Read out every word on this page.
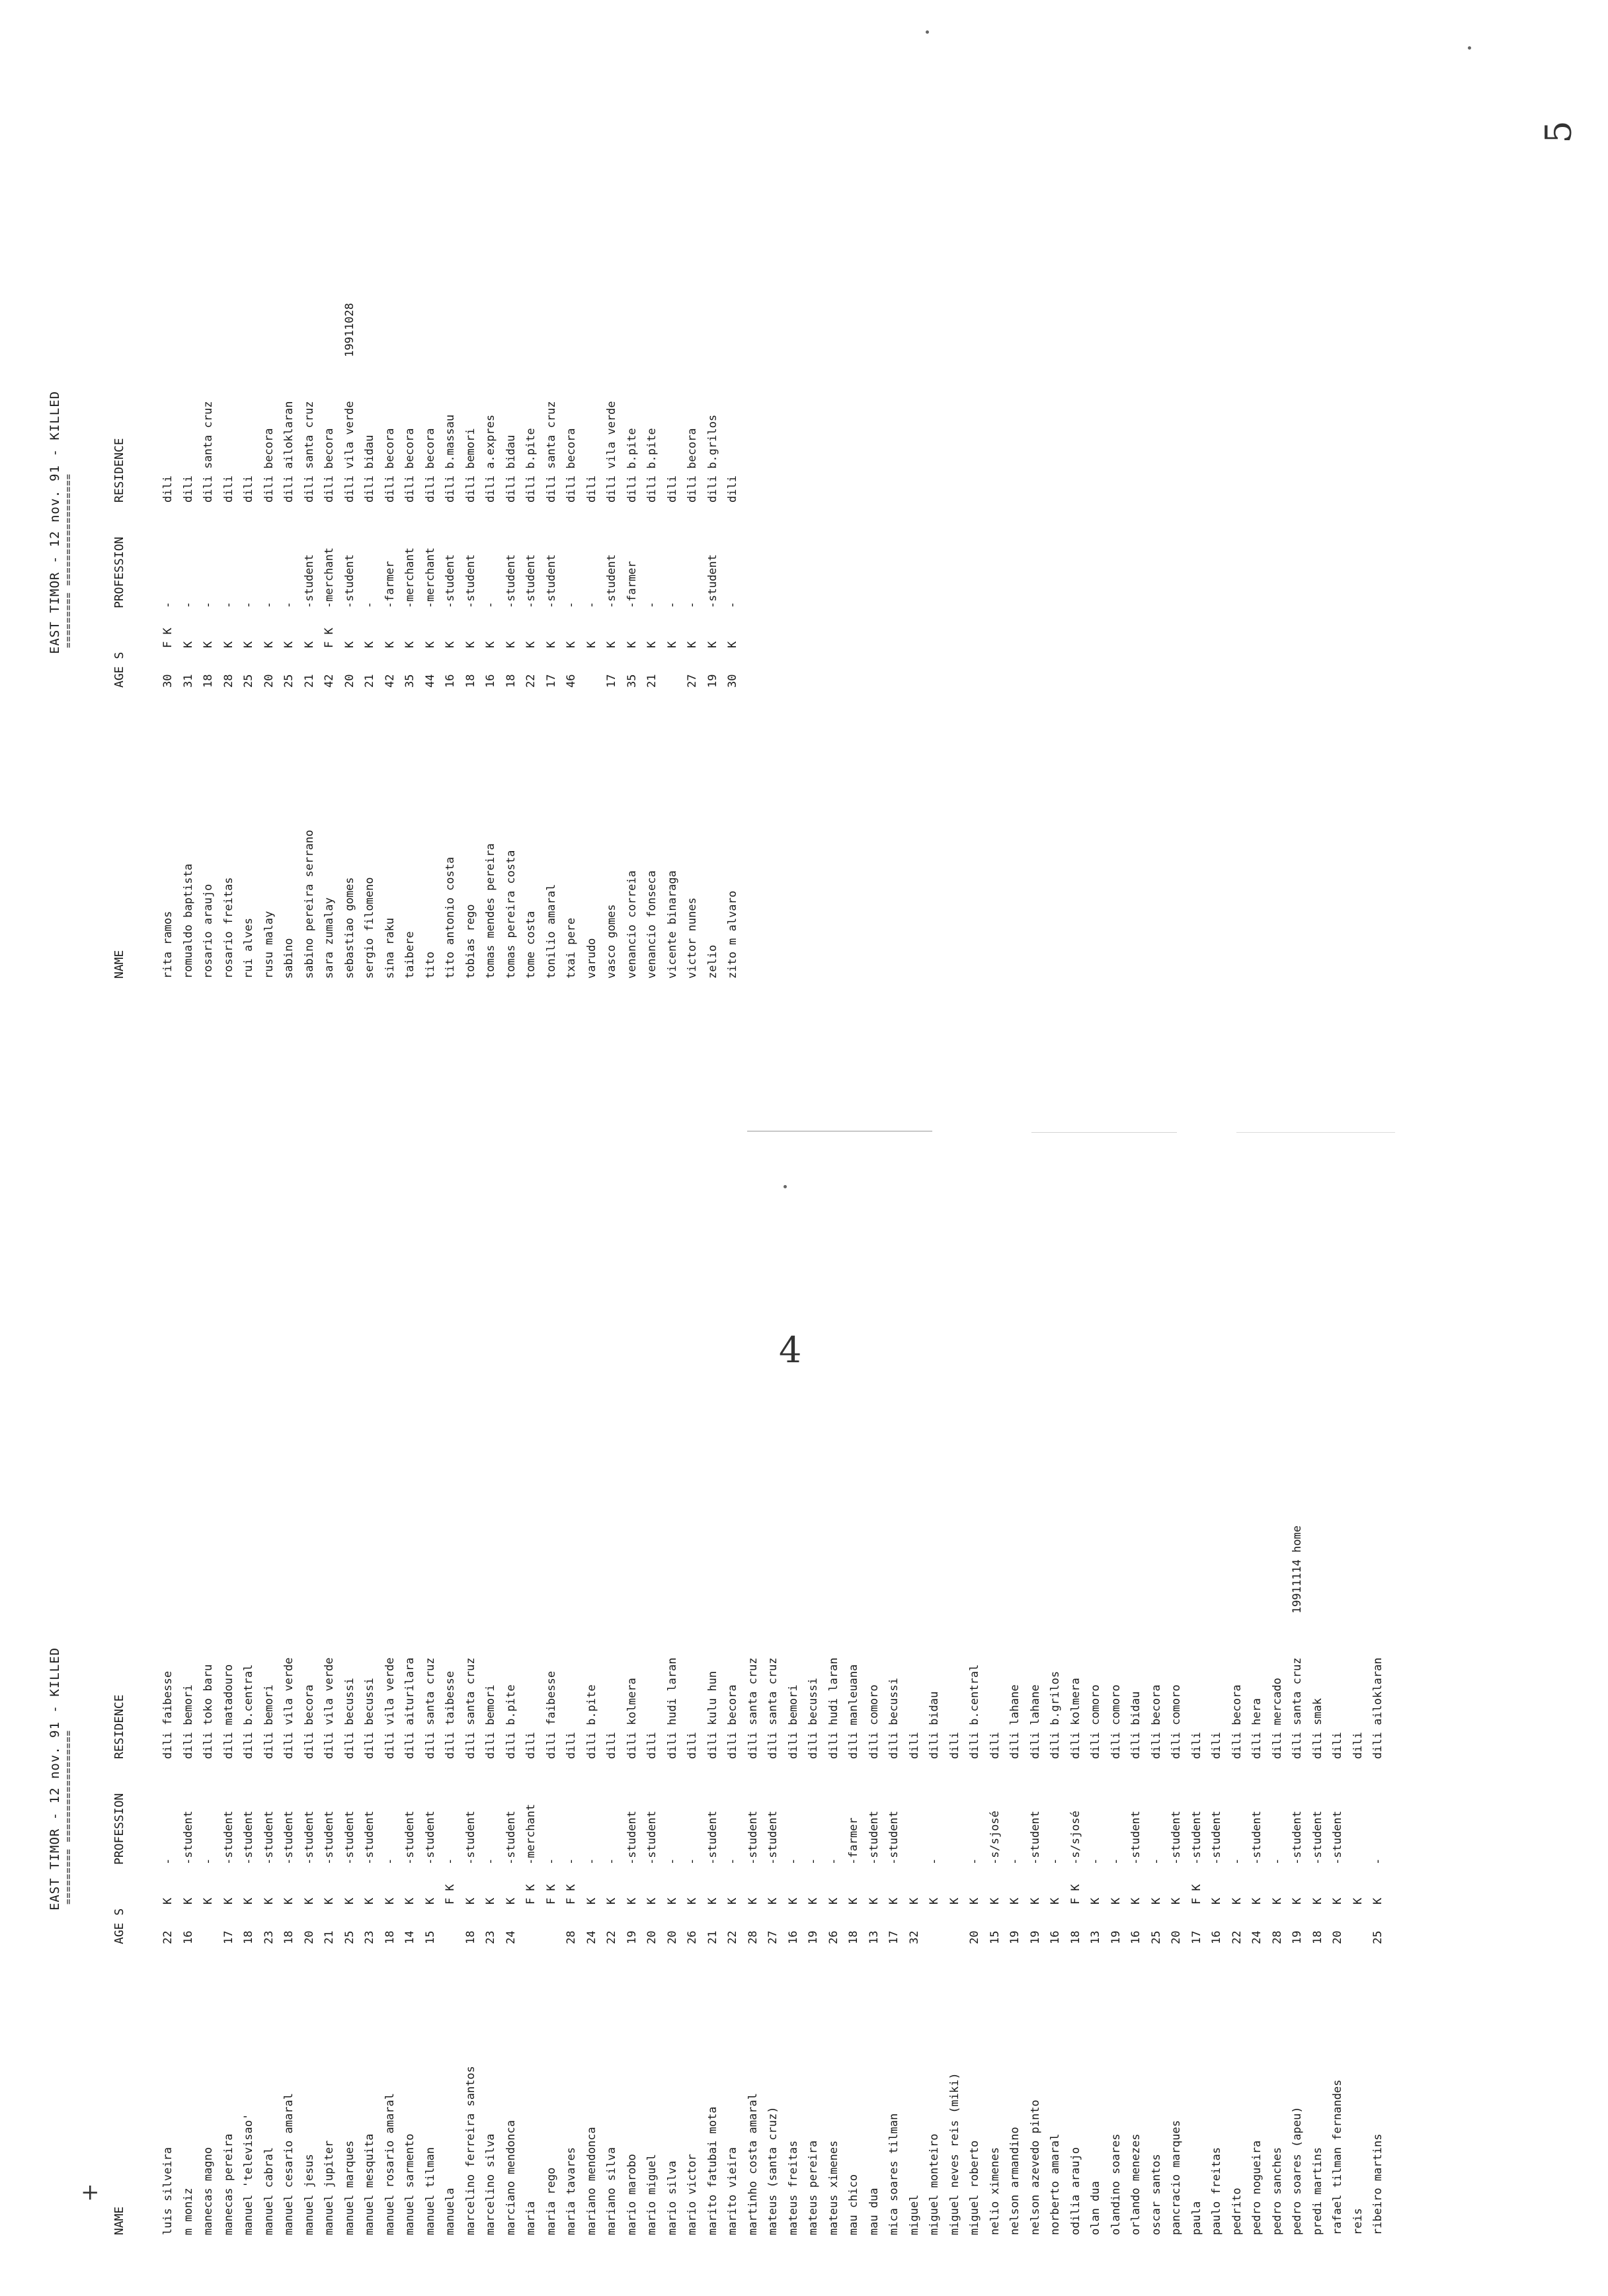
4
5
+
EAST TIMOR - 12 nov. 91 - KILLED ========= ==================
NAME
AGE S
PROFESSION
RESIDENCE
luis silveira
22
K
-
dili faibesse
m moniz
16
K
-student
dili bemori
manecas magno
K
-
dili toko baru
manecas pereira
17
K
-student
dili matadouro
manuel 'televisao'
18
K
-student
dili b.central
manuel cabral
23
K
-student
dili bemori
manuel cesario amaral
18
K
-student
dili vila verde
manuel jesus
20
K
-student
dili becora
manuel jupiter
21
K
-student
dili vila verde
manuel marques
25
K
-student
dili becussi
manuel mesquita
23
K
-student
dili becussi
manuel rosario amaral
18
K
-
dili vila verde
manuel sarmento
14
K
-student
dili aiturilara
manuel tilman
15
K
-student
dili santa cruz
manuela
F K
-
dili taibesse
marcelino ferreira santos
18
K
-student
dili santa cruz
marcelino silva
23
K
-
dili bemori
marciano mendonca
24
K
-student
dili b.pite
maria
F K
-merchant
dili
maria rego
F K
-
dili faibesse
maria tavares
28
F K
-
dili
mariano mendonca
24
K
-
dili b.pite
mariano silva
22
K
-
dili
mario marobo
19
K
-student
dili kolmera
mario miguel
20
K
-student
dili
mario silva
20
K
-
dili hudi laran
mario victor
26
K
-
dili
marito fatubai mota
21
K
-student
dili kulu hun
marito vieira
22
K
-
dili becora
martinho costa amaral
28
K
-student
dili santa cruz
mateus (santa cruz)
27
K
-student
dili santa cruz
mateus freitas
16
K
-
dili bemori
mateus pereira
19
K
-
dili becussi
mateus ximenes
26
K
-
dili hudi laran
mau chico
18
K
-farmer
dili manleuana
mau dua
13
K
-student
dili comoro
mica soares tilman
17
K
-student
dili becussi
miguel
32
K
dili
miguel monteiro
K
-
dili bidau
miguel neves reis (miki)
K
dili
miguel roberto
20
K
-
dili b.central
nelio ximenes
15
K
-s/sjosé
dili
nelson armandino
19
K
-
dili lahane
nelson azevedo pinto
19
K
-student
dili lahane
norberto amaral
16
K
-
dili b.grilos
odilia araujo
18
F K
-s/sjosé
dili kolmera
olan dua
13
K
-
dili comoro
olandino soares
19
K
-
dili comoro
orlando menezes
16
K
-student
dili bidau
oscar santos
25
K
-
dili becora
pancracio marques
20
K
-student
dili comoro
paula
17
F K
-student
dili
paulo freitas
16
K
-student
dili
pedrito
22
K
-
dili becora
pedro nogueira
24
K
-student
dili hera
pedro sanches
28
K
-
dili mercado
pedro soares (apeu)
19
K
-student
dili santa cruz
19911114 home
predi martins
18
K
-student
dili smak
rafael tilman fernandes
20
K
-student
dili
reis
K
dili
ribeiro martins
25
K
-
dili ailoklaran
EAST TIMOR - 12 nov. 91 - KILLED ========= ==================
NAME
AGE S
PROFESSION
RESIDENCE
rita ramos
30
F K
-
dili
romualdo baptista
31
K
-
dili
rosario araujo
18
K
-
dili santa cruz
rosario freitas
28
K
-
dili
rui alves
25
K
-
dili
rusu malay
20
K
-
dili becora
sabino
25
K
-
dili ailoklaran
sabino pereira serrano
21
K
-student
dili santa cruz
sara zumalay
42
F K
-merchant
dili becora
sebastiao gomes
20
K
-student
dili vila verde
19911028
sergio filomeno
21
K
-
dili bidau
sina raku
42
K
-farmer
dili becora
taibere
35
K
-merchant
dili becora
tito
44
K
-merchant
dili becora
tito antonio costa
16
K
-student
dili b.massau
tobias rego
18
K
-student
dili bemori
tomas mendes pereira
16
K
-
dili a.expres
tomas pereira costa
18
K
-student
dili bidau
tome costa
22
K
-student
dili b.pite
tonilio amaral
17
K
-student
dili santa cruz
txai pere
46
K
-
dili becora
varudo
K
-
dili
vasco gomes
17
K
-student
dili vila verde
venancio correia
35
K
-farmer
dili b.pite
venancio fonseca
21
K
-
dili b.pite
vicente binaraga
K
-
dili
victor nunes
27
K
-
dili becora
zelio
19
K
-student
dili b.grilos
zito m alvaro
30
K
-
dili
